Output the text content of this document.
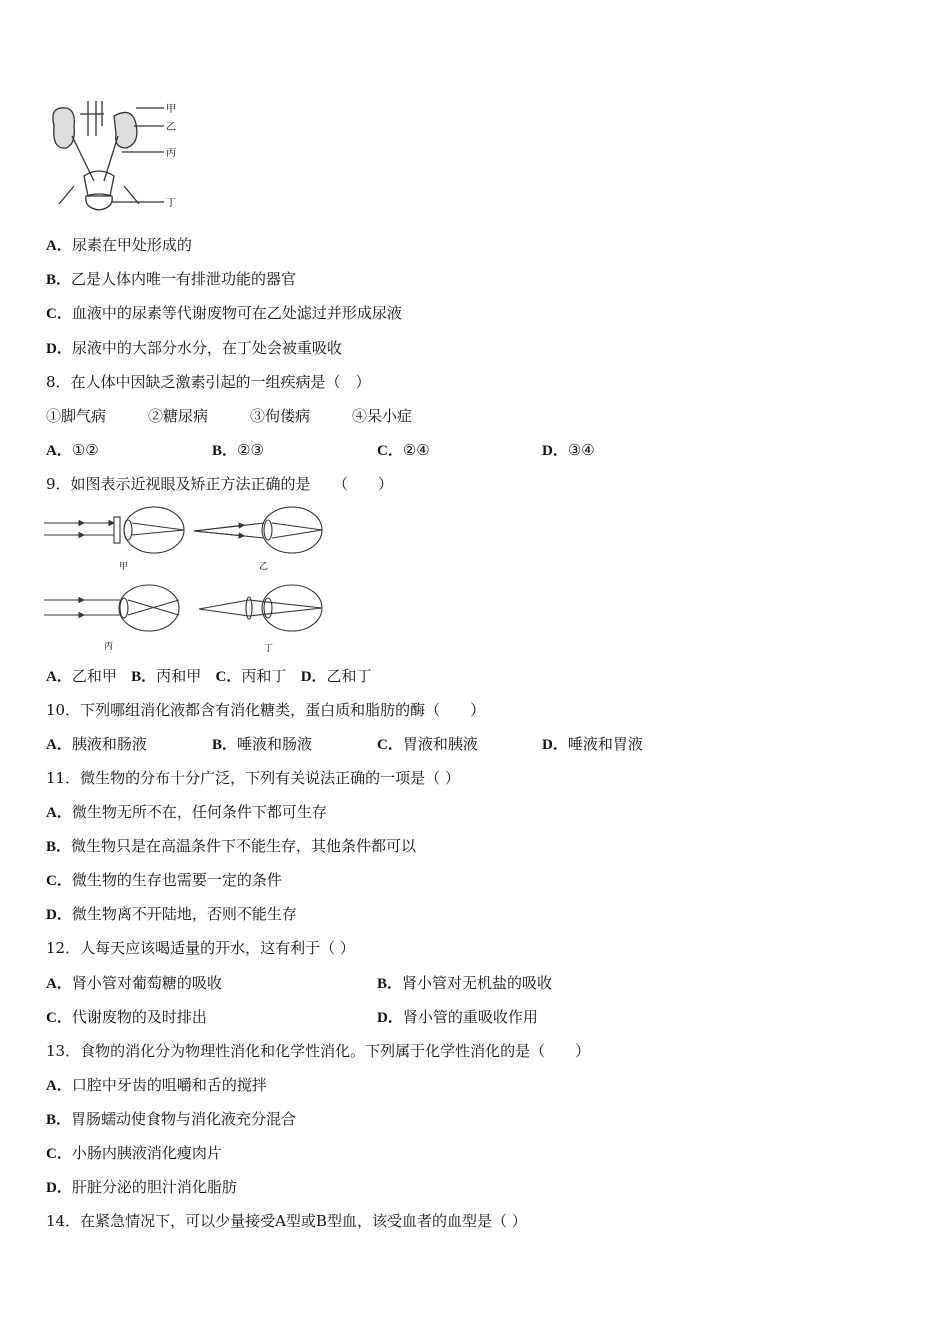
甲
乙
丙
丁
A．尿素在甲处形成的
B．乙是人体内唯一有排泄功能的器官
C．血液中的尿素等代谢废物可在乙处滤过并形成尿液
D．尿液中的大部分水分，在丁处会被重吸收
8．在人体中因缺乏激素引起的一组疾病是（　）
①脚气病	②糖尿病	③佝偻病	④呆小症
A．①②	B．②③	C．②④	D．③④
9．如图表示近视眼及矫正方法正确的是　　（　　）
甲	乙
丙	丁
A．乙和甲 B．丙和甲 C．丙和丁 D．乙和丁
10．下列哪组消化液都含有消化糖类，蛋白质和脂肪的酶（　　）
A．胰液和肠液	B．唾液和肠液	C．胃液和胰液	D．唾液和胃液
11．微生物的分布十分广泛，下列有关说法正确的一项是（ ）
A．微生物无所不在，任何条件下都可生存
B．微生物只是在高温条件下不能生存，其他条件都可以
C．微生物的生存也需要一定的条件
D．微生物离不开陆地，否则不能生存
12．人每天应该喝适量的开水，这有利于（ ）
A．肾小管对葡萄糖的吸收	B．肾小管对无机盐的吸收
C．代谢废物的及时排出	D．肾小管的重吸收作用
13．食物的消化分为物理性消化和化学性消化。下列属于化学性消化的是（　　）
A．口腔中牙齿的咀嚼和舌的搅拌
B．胃肠蠕动使食物与消化液充分混合
C．小肠内胰液消化瘦肉片
D．肝脏分泌的胆汁消化脂肪
14．在紧急情况下，可以少量接受A型或B型血，该受血者的血型是（ ）
